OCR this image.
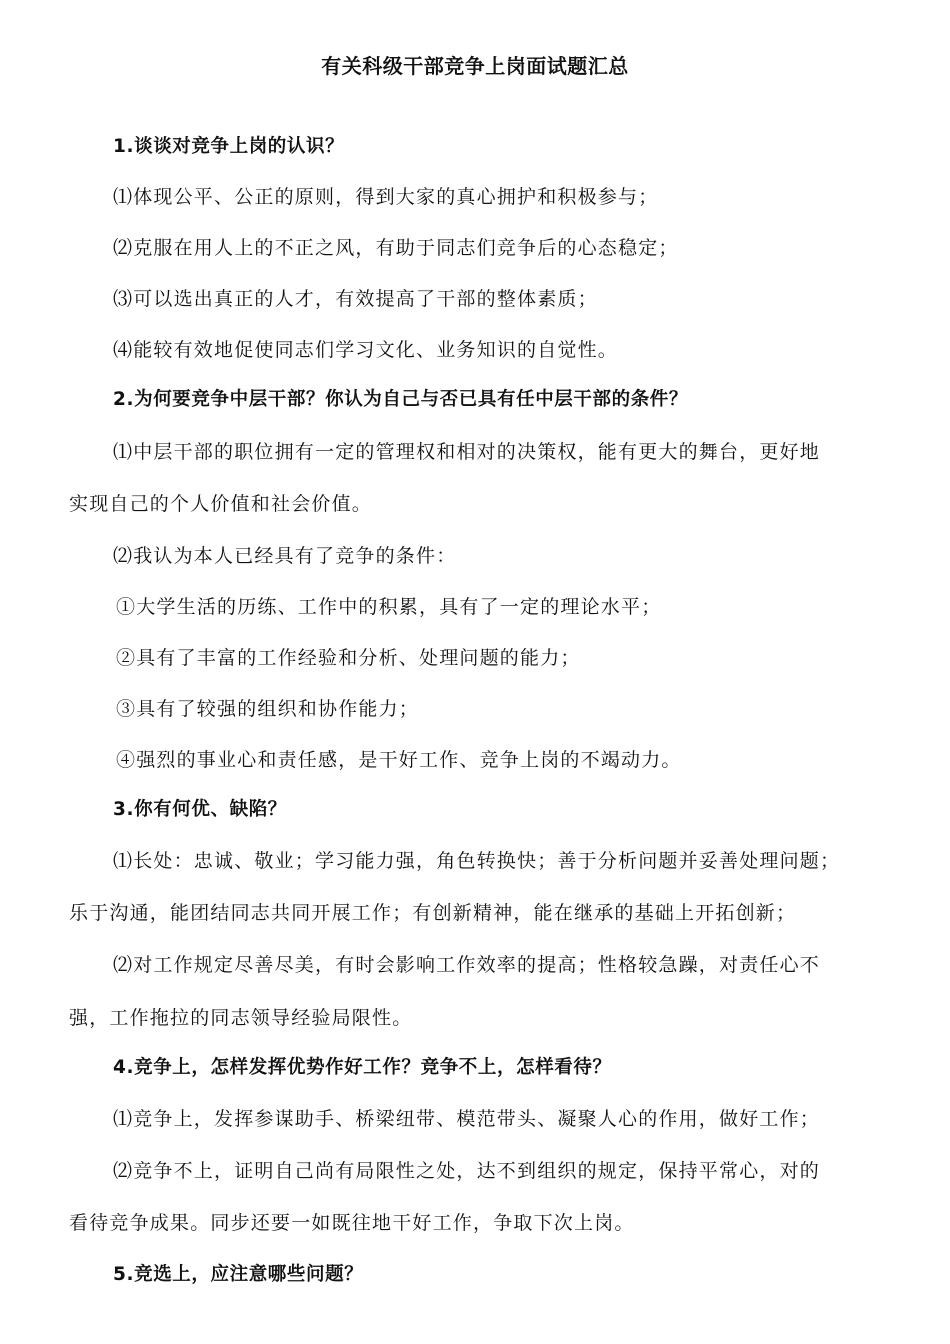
有关科级干部竞争上岗面试题汇总
1.谈谈对竞争上岗的认识？
⑴体现公平、公正的原则，得到大家的真心拥护和积极参与；
⑵克服在用人上的不正之风，有助于同志们竞争后的心态稳定；
⑶可以选出真正的人才，有效提高了干部的整体素质；
⑷能较有效地促使同志们学习文化、业务知识的自觉性。
2.为何要竞争中层干部？你认为自己与否已具有任中层干部的条件？
⑴中层干部的职位拥有一定的管理权和相对的决策权，能有更大的舞台，更好地
实现自己的个人价值和社会价值。
⑵我认为本人已经具有了竞争的条件：
①大学生活的历练、工作中的积累，具有了一定的理论水平；
②具有了丰富的工作经验和分析、处理问题的能力；
③具有了较强的组织和协作能力；
④强烈的事业心和责任感，是干好工作、竞争上岗的不竭动力。
3.你有何优、缺陷？
⑴长处：忠诚、敬业；学习能力强，角色转换快；善于分析问题并妥善处理问题；
乐于沟通，能团结同志共同开展工作；有创新精神，能在继承的基础上开拓创新；
⑵对工作规定尽善尽美，有时会影响工作效率的提高；性格较急躁，对责任心不
强，工作拖拉的同志领导经验局限性。
4.竞争上，怎样发挥优势作好工作？竞争不上，怎样看待？
⑴竞争上，发挥参谋助手、桥梁纽带、模范带头、凝聚人心的作用，做好工作；
⑵竞争不上，证明自己尚有局限性之处，达不到组织的规定，保持平常心，对的
看待竞争成果。同步还要一如既往地干好工作，争取下次上岗。
5.竞选上，应注意哪些问题？
